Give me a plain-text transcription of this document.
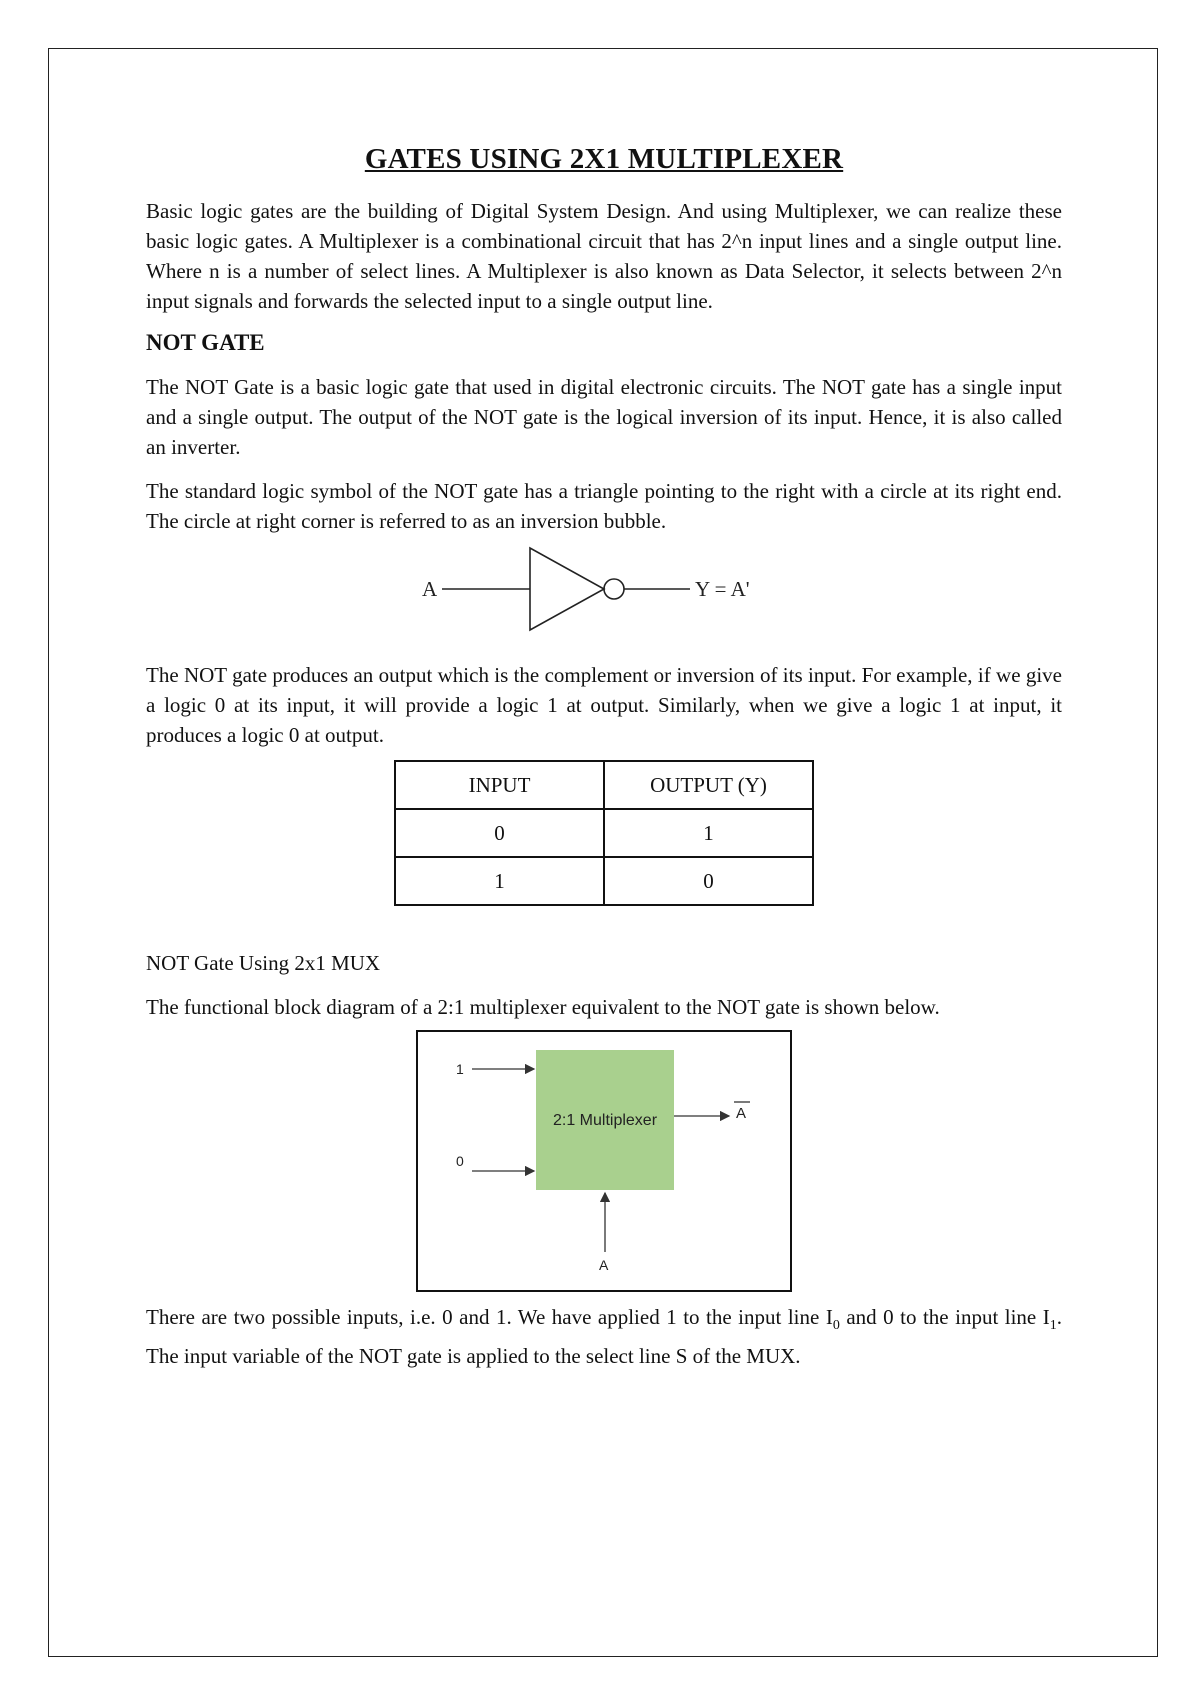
GATES USING 2X1 MULTIPLEXER

Basic logic gates are the building of Digital System Design. And using Multiplexer, we can realize these basic logic gates. A Multiplexer is a combinational circuit that has 2^n input lines and a single output line. Where n is a number of select lines. A Multiplexer is also known as Data Selector, it selects between 2^n input signals and forwards the selected input to a single output line.

NOT GATE

The NOT Gate is a basic logic gate that used in digital electronic circuits. The NOT gate has a single input and a single output. The output of the NOT gate is the logical inversion of its input. Hence, it is also called an inverter.

The standard logic symbol of the NOT gate has a triangle pointing to the right with a circle at its right end. The circle at right corner is referred to as an inversion bubble.

A	Y = A'

The NOT gate produces an output which is the complement or inversion of its input. For example, if we give a logic 0 at its input, it will provide a logic 1 at output. Similarly, when we give a logic 1 at input, it produces a logic 0 at output.

INPUT	OUTPUT (Y)
0	1
1	0

NOT Gate Using 2x1 MUX

The functional block diagram of a 2:1 multiplexer equivalent to the NOT gate is shown below.

2:1 Multiplexer
1
0
A
A

There are two possible inputs, i.e. 0 and 1. We have applied 1 to the input line $I_0$ and 0 to the input line $I_1$. The input variable of the NOT gate is applied to the select line S of the MUX.
